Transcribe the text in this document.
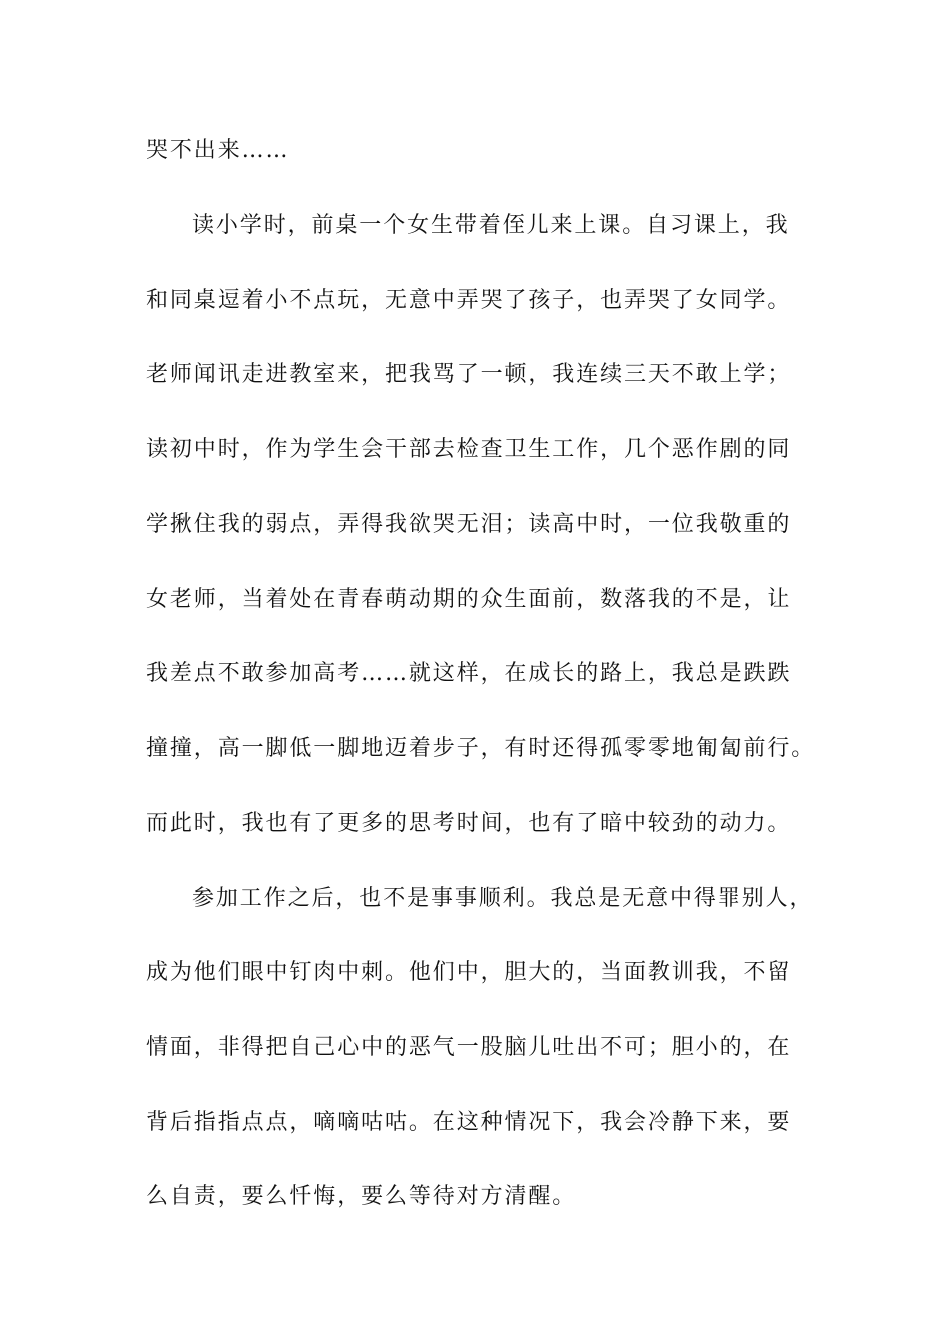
哭不出来……
读小学时，前桌一个女生带着侄儿来上课。自习课上，我
和同桌逗着小不点玩，无意中弄哭了孩子，也弄哭了女同学。
老师闻讯走进教室来，把我骂了一顿，我连续三天不敢上学；
读初中时，作为学生会干部去检查卫生工作，几个恶作剧的同
学揪住我的弱点，弄得我欲哭无泪；读高中时，一位我敬重的
女老师，当着处在青春萌动期的众生面前，数落我的不是，让
我差点不敢参加高考……就这样，在成长的路上，我总是跌跌
撞撞，高一脚低一脚地迈着步子，有时还得孤零零地匍匐前行。
而此时，我也有了更多的思考时间，也有了暗中较劲的动力。
参加工作之后，也不是事事顺利。我总是无意中得罪别人，
成为他们眼中钉肉中刺。他们中，胆大的，当面教训我，不留
情面，非得把自己心中的恶气一股脑儿吐出不可；胆小的，在
背后指指点点，嘀嘀咕咕。在这种情况下，我会冷静下来，要
么自责，要么忏悔，要么等待对方清醒。
